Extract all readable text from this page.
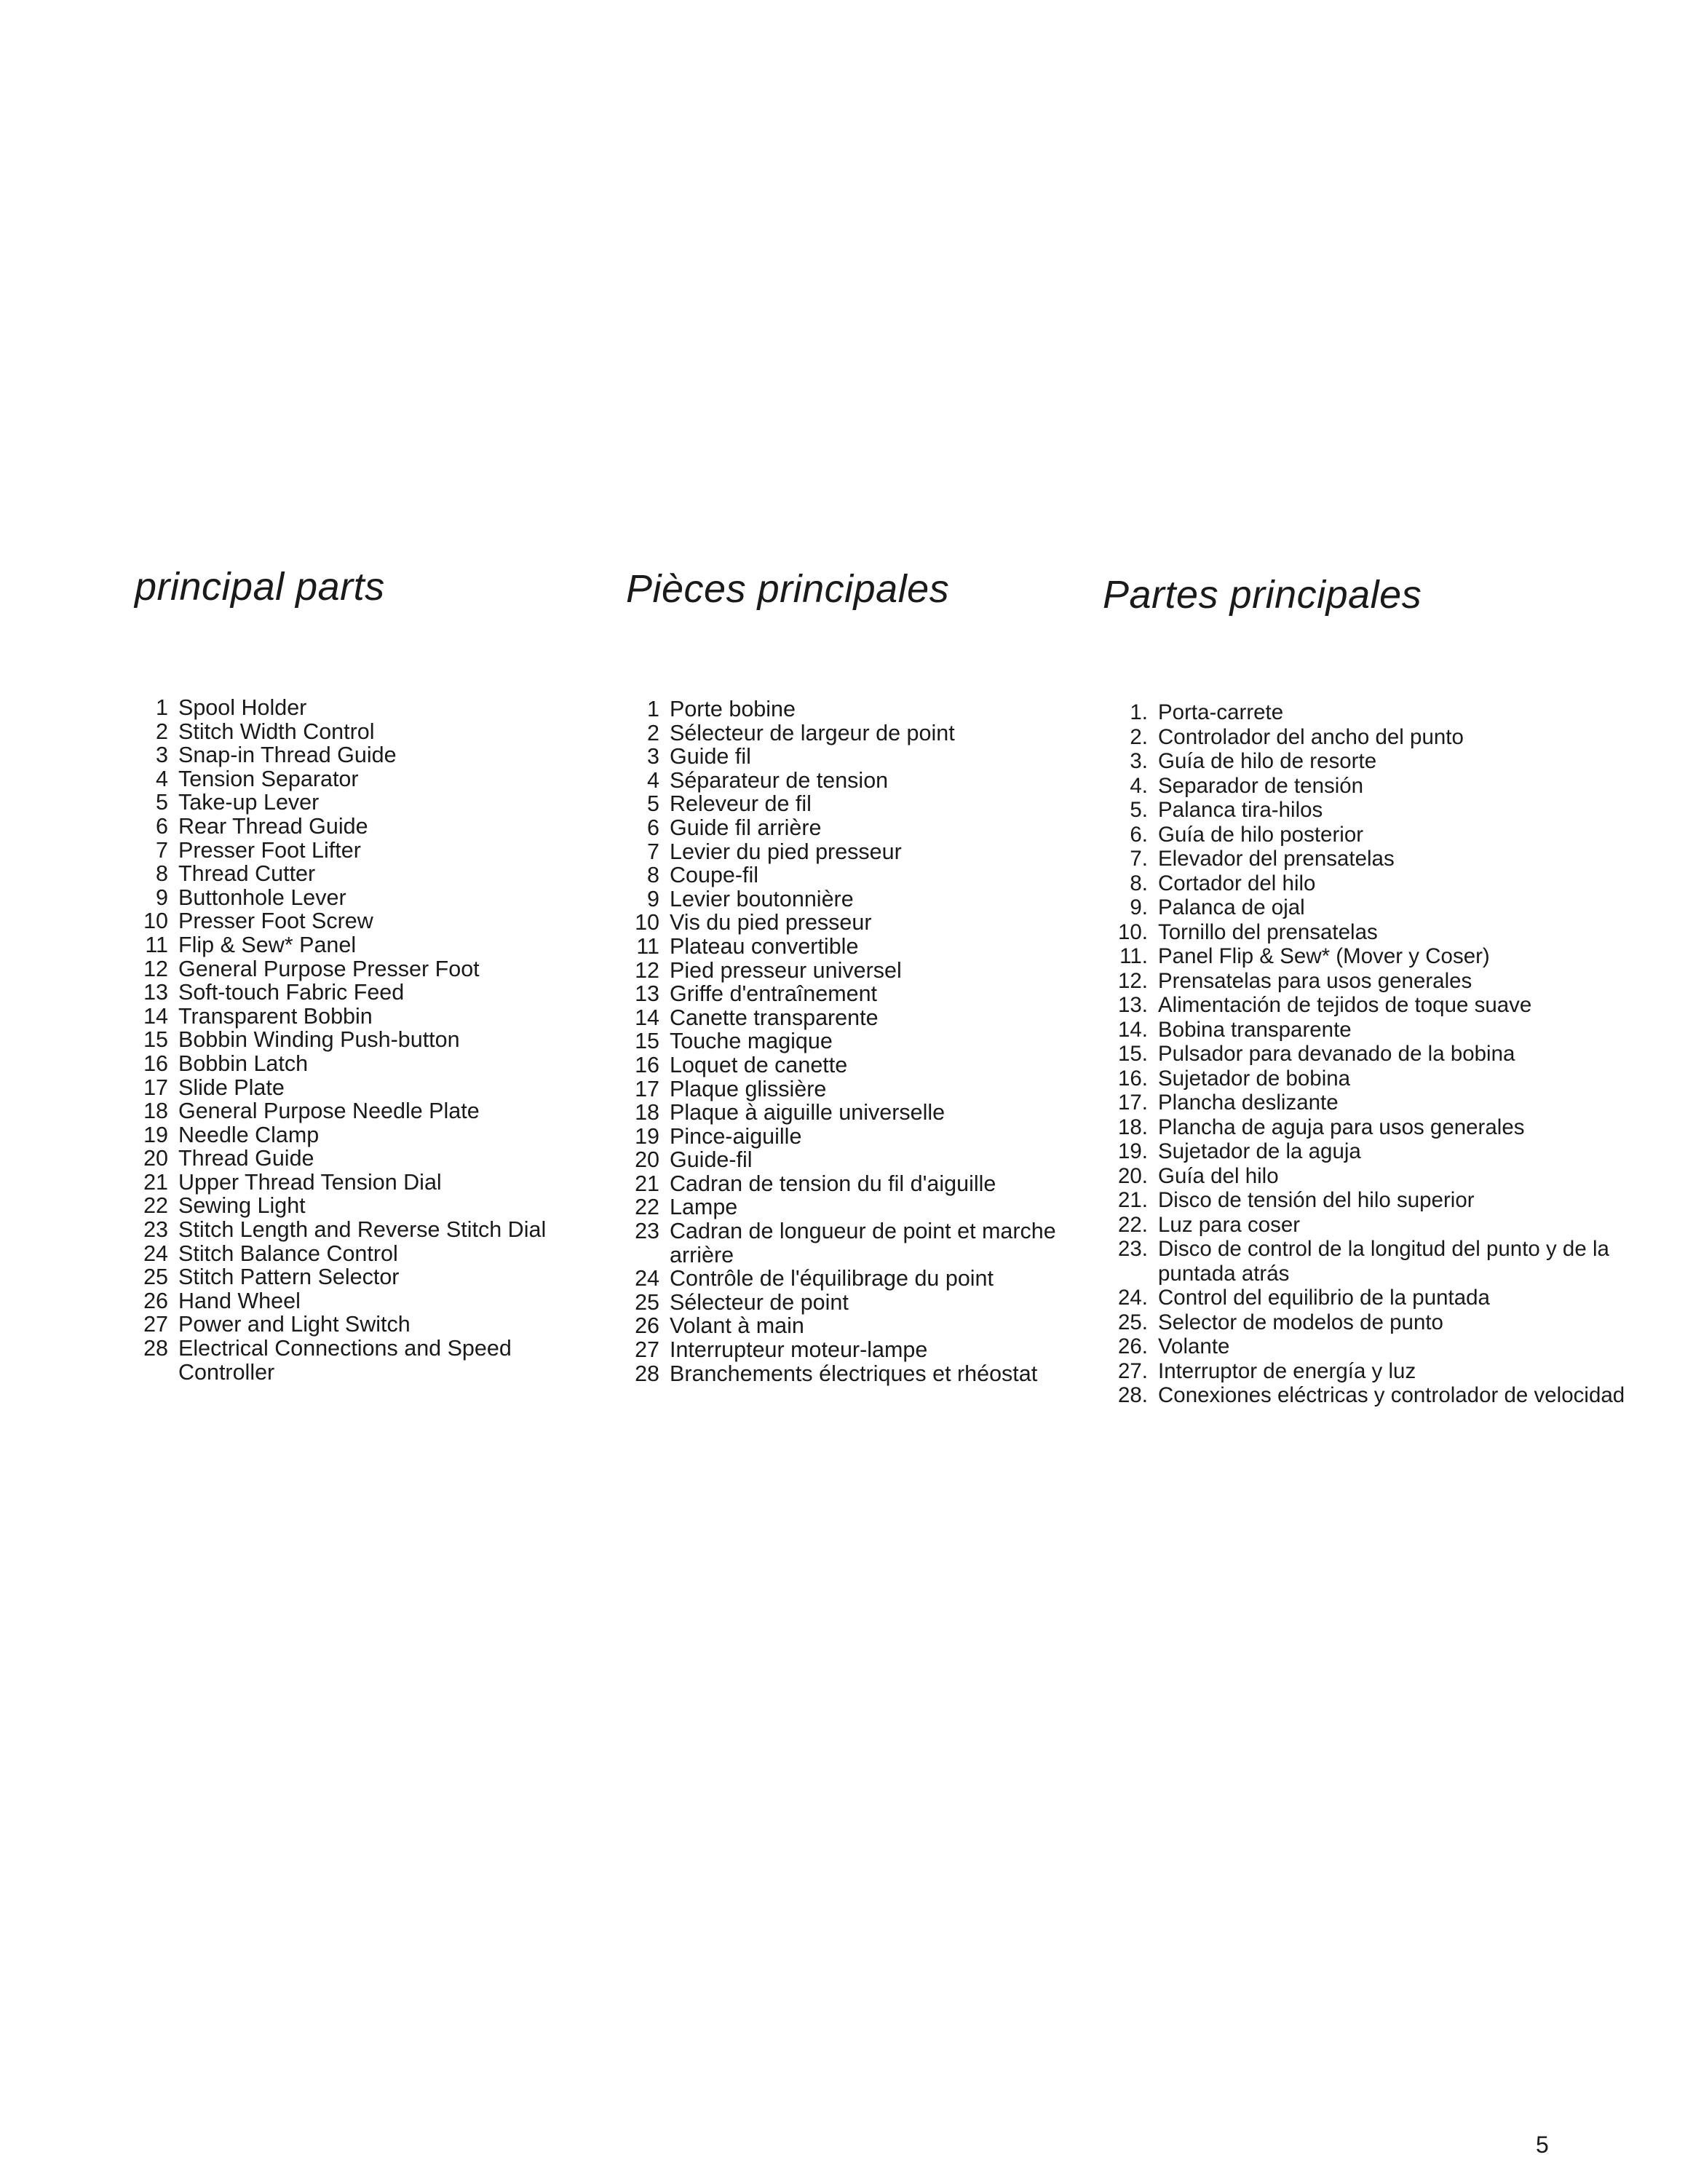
principal parts
1 Spool Holder
2 Stitch Width Control
3 Snap-in Thread Guide
4 Tension Separator
5 Take-up Lever
6 Rear Thread Guide
7 Presser Foot Lifter
8 Thread Cutter
9 Buttonhole Lever
10 Presser Foot Screw
11 Flip & Sew* Panel
12 General Purpose Presser Foot
13 Soft-touch Fabric Feed
14 Transparent Bobbin
15 Bobbin Winding Push-button
16 Bobbin Latch
17 Slide Plate
18 General Purpose Needle Plate
19 Needle Clamp
20 Thread Guide
21 Upper Thread Tension Dial
22 Sewing Light
23 Stitch Length and Reverse Stitch Dial
24 Stitch Balance Control
25 Stitch Pattern Selector
26 Hand Wheel
27 Power and Light Switch
28 Electrical Connections and Speed Controller
Pièces principales
1 Porte bobine
2 Sélecteur de largeur de point
3 Guide fil
4 Séparateur de tension
5 Releveur de fil
6 Guide fil arrière
7 Levier du pied presseur
8 Coupe-fil
9 Levier boutonnière
10 Vis du pied presseur
11 Plateau convertible
12 Pied presseur universel
13 Griffe d'entraînement
14 Canette transparente
15 Touche magique
16 Loquet de canette
17 Plaque glissière
18 Plaque à aiguille universelle
19 Pince-aiguille
20 Guide-fil
21 Cadran de tension du fil d'aiguille
22 Lampe
23 Cadran de longueur de point et marche arrière
24 Contrôle de l'équilibrage du point
25 Sélecteur de point
26 Volant à main
27 Interrupteur moteur-lampe
28 Branchements électriques et rhéostat
Partes principales
1. Porta-carrete
2. Controlador del ancho del punto
3. Guía de hilo de resorte
4. Separador de tensión
5. Palanca tira-hilos
6. Guía de hilo posterior
7. Elevador del prensatelas
8. Cortador del hilo
9. Palanca de ojal
10. Tornillo del prensatelas
11. Panel Flip & Sew* (Mover y Coser)
12. Prensatelas para usos generales
13. Alimentación de tejidos de toque suave
14. Bobina transparente
15. Pulsador para devanado de la bobina
16. Sujetador de bobina
17. Plancha deslizante
18. Plancha de aguja para usos generales
19. Sujetador de la aguja
20. Guía del hilo
21. Disco de tensión del hilo superior
22. Luz para coser
23. Disco de control de la longitud del punto y de la puntada atrás
24. Control del equilibrio de la puntada
25. Selector de modelos de punto
26. Volante
27. Interruptor de energía y luz
28. Conexiones eléctricas y controlador de velocidad

5
